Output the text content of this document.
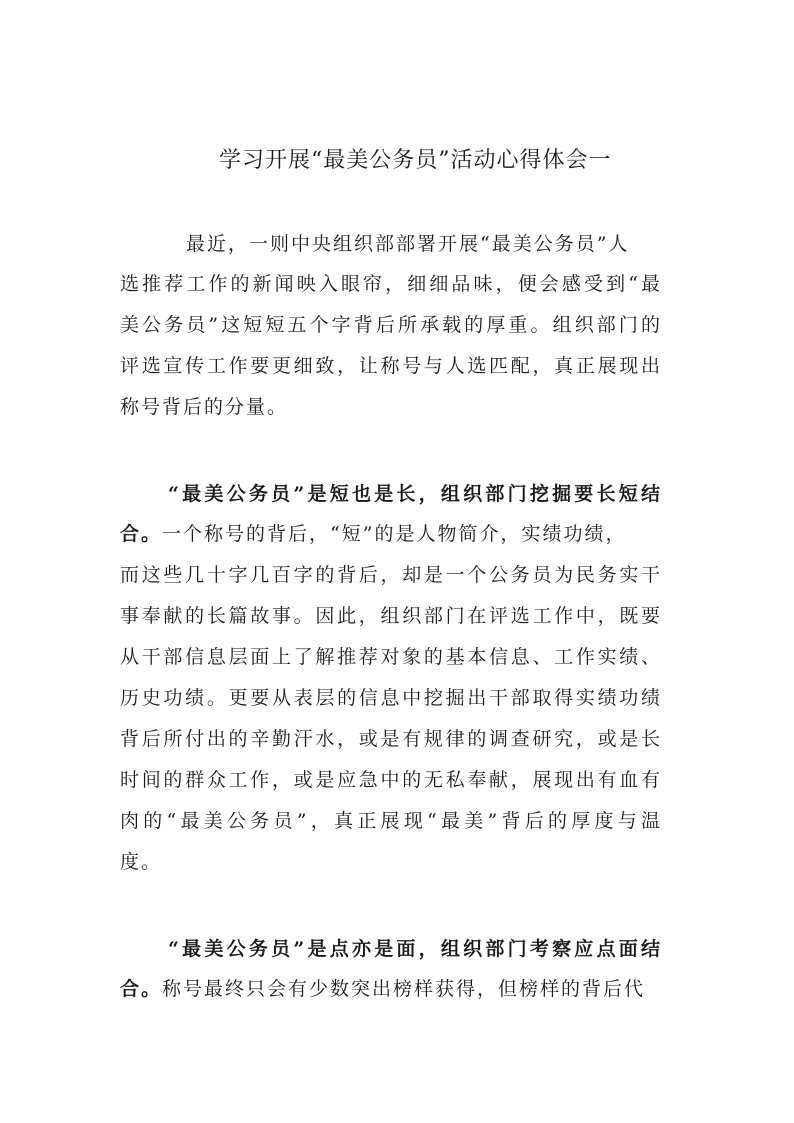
学习开展“最美公务员”活动心得体会一
最近，一则中央组织部部署开展“最美公务员”人
选推荐工作的新闻映入眼帘，细细品味，便会感受到“最
美公务员”这短短五个字背后所承载的厚重。组织部门的
评选宣传工作要更细致，让称号与人选匹配，真正展现出
称号背后的分量。
“最美公务员”是短也是长，组织部门挖掘要长短结
合。一个称号的背后，“短”的是人物简介，实绩功绩，
而这些几十字几百字的背后，却是一个公务员为民务实干
事奉献的长篇故事。因此，组织部门在评选工作中，既要
从干部信息层面上了解推荐对象的基本信息、工作实绩、
历史功绩。更要从表层的信息中挖掘出干部取得实绩功绩
背后所付出的辛勤汗水，或是有规律的调查研究，或是长
时间的群众工作，或是应急中的无私奉献，展现出有血有
肉的“最美公务员”，真正展现“最美”背后的厚度与温
度。
“最美公务员”是点亦是面，组织部门考察应点面结
合。称号最终只会有少数突出榜样获得，但榜样的背后代
